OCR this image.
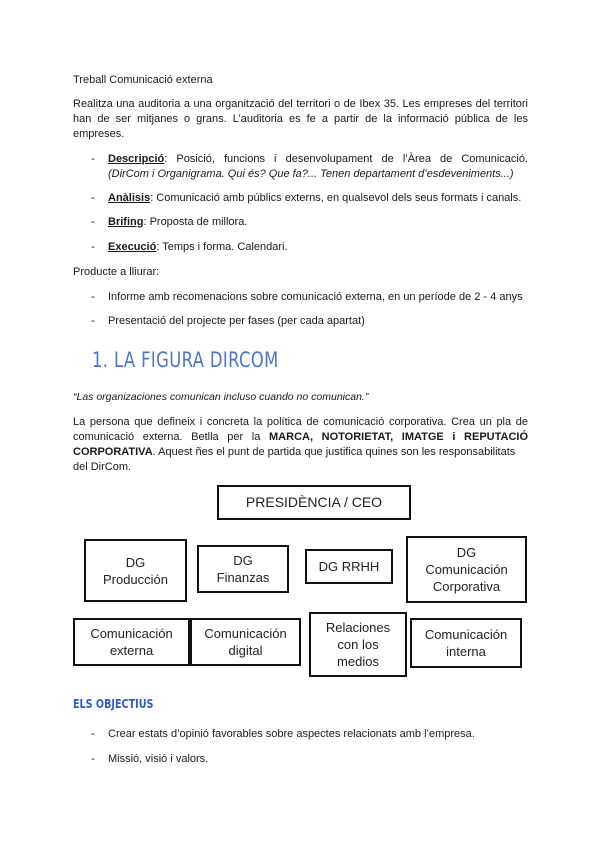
Treball Comunicació externa
Realitza una auditoria a una organització del territori o de Ibex 35. Les empreses del territori
han de ser mitjanes o grans. L’auditoria es fe a partir de la informació pública de les
empreses.
- Descripció: Posició, funcions i desenvolupament de l’Àrea de Comunicació.
(DirCom i Organigrama. Qui és? Que fa?... Tenen departament d’esdeveniments...)
- Anàlisis: Comunicació amb públics externs, en qualsevol dels seus formats i canals.
- Brifing: Proposta de millora.
- Execució: Temps i forma. Calendari.
Producte a lliurar:
- Informe amb recomenacions sobre comunicació externa, en un període de 2 - 4 anys
- Presentació del projecte per fases (per cada apartat)
1. LA FIGURA DIRCOM
“Las organizaciones comunican incluso cuando no comunican.”
La persona que defineix i concreta la política de comunicació corporativa. Crea un pla de
comunicació externa. Betlla per la MARCA, NOTORIETAT, IMATGE i REPUTACIÓ
CORPORATIVA. Aquest ñes el punt de partida que justifica quines son les responsabilitats
del DirCom.
PRESIDÈNCIA / CEO
DG
Producción
DG
Finanzas
DG RRHH
DG
Comunicación
Corporativa
Comunicación
externa
Comunicación
digital
Relaciones
con los
medios
Comunicación
interna
ELS OBJECTIUS
- Crear estats d’opinió favorables sobre aspectes relacionats amb l’empresa.
- Missió, visió i valors.
